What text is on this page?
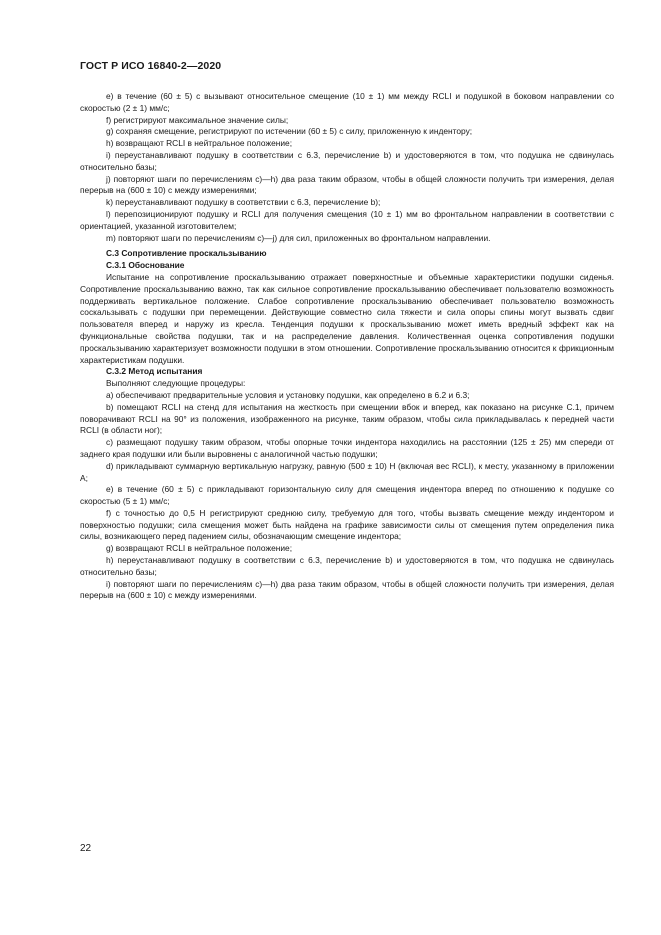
ГОСТ Р ИСО 16840-2—2020

e) в течение (60 ± 5) с вызывают относительное смещение (10 ± 1) мм между RCLI и подушкой в боковом направлении со скоростью (2 ± 1) мм/с;

f) регистрируют максимальное значение силы;

g) сохраняя смещение, регистрируют по истечении (60 ± 5) с силу, приложенную к индентору;

h) возвращают RCLI в нейтральное положение;

i) переустанавливают подушку в соответствии с 6.3, перечисление b) и удостоверяются в том, что подушка не сдвинулась относительно базы;

j) повторяют шаги по перечислениям с)—h) два раза таким образом, чтобы в общей сложности получить три измерения, делая перерыв на (600 ± 10) с между измерениями;

k) переустанавливают подушку в соответствии с 6.3, перечисление b);

l) перепозиционируют подушку и RCLI для получения смещения (10 ± 1) мм во фронтальном направлении в соответствии с ориентацией, указанной изготовителем;

m) повторяют шаги по перечислениям с)—j) для сил, приложенных во фронтальном направлении.

С.3 Сопротивление проскальзыванию

С.3.1 Обоснование

Испытание на сопротивление проскальзыванию отражает поверхностные и объемные характеристики подушки сиденья. Сопротивление проскальзыванию важно, так как сильное сопротивление проскальзыванию обеспечивает пользователю возможность поддерживать вертикальное положение. Слабое сопротивление проскальзыванию обеспечивает пользователю возможность соскальзывать с подушки при перемещении. Действующие совместно сила тяжести и сила опоры спины могут вызвать сдвиг пользователя вперед и наружу из кресла. Тенденция подушки к проскальзыванию может иметь вредный эффект как на функциональные свойства подушки, так и на распределение давления. Количественная оценка сопротивления подушки проскальзыванию характеризует возможности подушки в этом отношении. Сопротивление проскальзыванию относится к фрикционным характеристикам подушки.

С.3.2 Метод испытания

Выполняют следующие процедуры:

a) обеспечивают предварительные условия и установку подушки, как определено в 6.2 и 6.3;

b) помещают RCLI на стенд для испытания на жесткость при смещении вбок и вперед, как показано на рисунке С.1, причем поворачивают RCLI на 90° из положения, изображенного на рисунке, таким образом, чтобы сила прикладывалась к передней части RCLI (в области ног);

c) размещают подушку таким образом, чтобы опорные точки индентора находились на расстоянии (125 ± 25) мм спереди от заднего края подушки или были выровнены с аналогичной частью подушки;

d) прикладывают суммарную вертикальную нагрузку, равную (500 ± 10) Н (включая вес RCLI), к месту, указанному в приложении А;

e) в течение (60 ± 5) с прикладывают горизонтальную силу для смещения индентора вперед по отношению к подушке со скоростью (5 ± 1) мм/с;

f) с точностью до 0,5 Н регистрируют среднюю силу, требуемую для того, чтобы вызвать смещение между индентором и поверхностью подушки; сила смещения может быть найдена на графике зависимости силы от смещения путем определения пика силы, возникающего перед падением силы, обозначающим смещение индентора;

g) возвращают RCLI в нейтральное положение;

h) переустанавливают подушку в соответствии с 6.3, перечисление b) и удостоверяются в том, что подушка не сдвинулась относительно базы;

i) повторяют шаги по перечислениям с)—h) два раза таким образом, чтобы в общей сложности получить три измерения, делая перерыв на (600 ± 10) с между измерениями.

22
